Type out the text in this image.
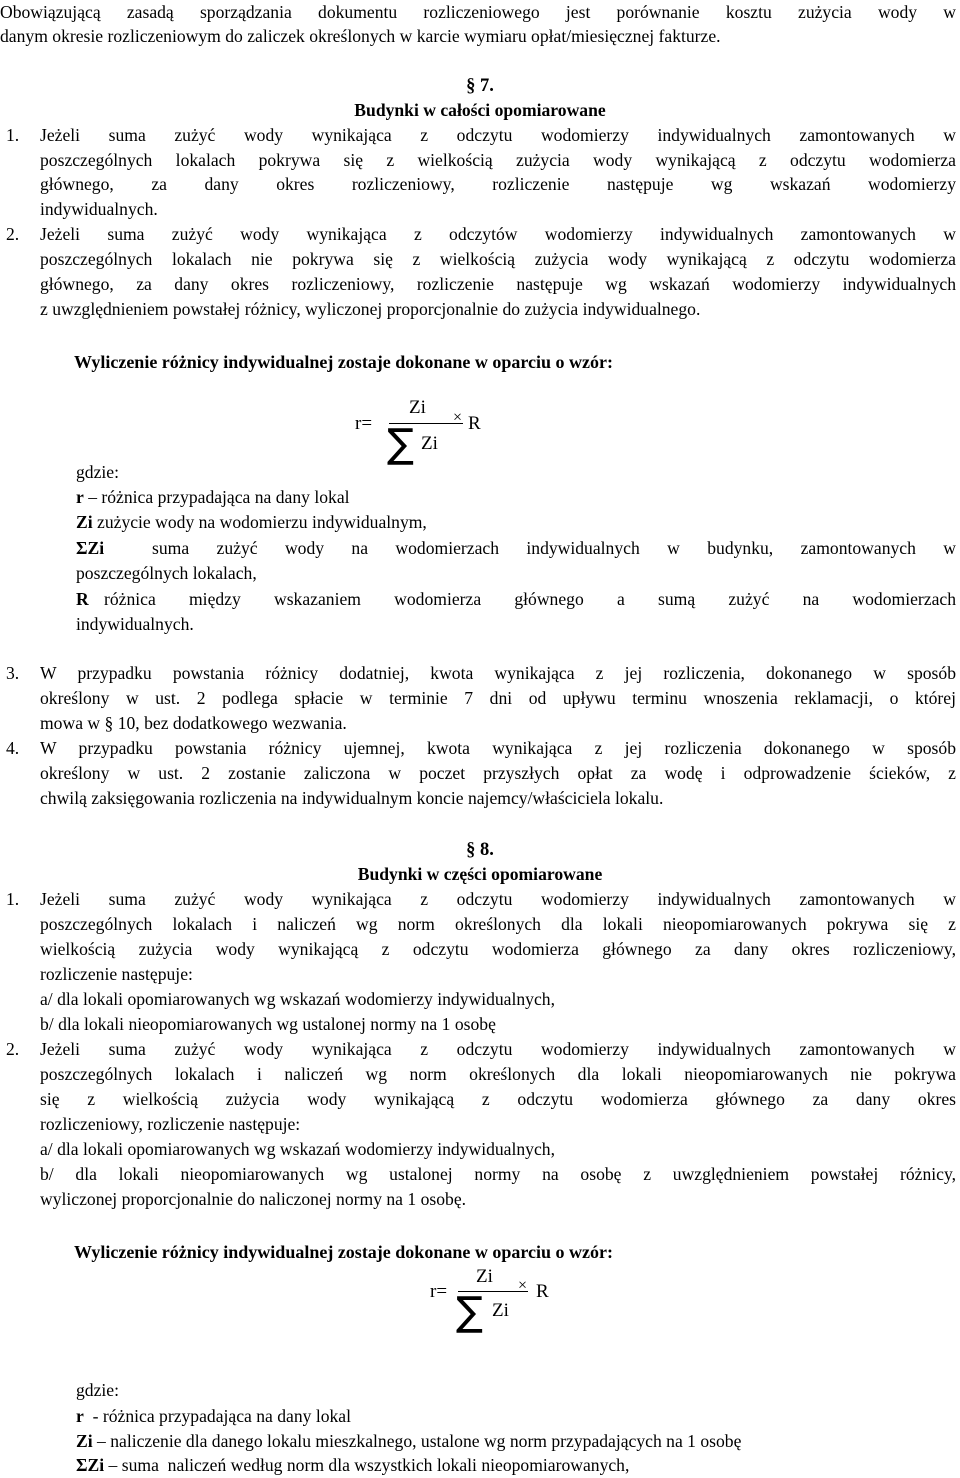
Obowiązującą zasadą sporządzania dokumentu rozliczeniowego jest porównanie kosztu zużycia wody w
danym okresie rozliczeniowym do zaliczek określonych w karcie wymiaru opłat/miesięcznej fakturze.
§ 7.
Budynki w całości opomiarowane
1. Jeżeli suma zużyć wody wynikająca z odczytu wodomierzy indywidualnych zamontowanych w
poszczególnych lokalach pokrywa się z wielkością zużycia wody wynikającą z odczytu wodomierza
głównego, za dany okres rozliczeniowy, rozliczenie następuje wg wskazań wodomierzy
indywidualnych.
2. Jeżeli suma zużyć wody wynikająca z odczytów wodomierzy indywidualnych zamontowanych w
poszczególnych lokalach nie pokrywa się z wielkością zużycia wody wynikającą z odczytu wodomierza
głównego, za dany okres rozliczeniowy, rozliczenie następuje wg wskazań wodomierzy indywidualnych
z uwzględnieniem powstałej różnicy, wyliczonej proporcjonalnie do zużycia indywidualnego.
Wyliczenie różnicy indywidualnej zostaje dokonane w oparciu o wzór:
r=
Zi ×
∑ Zi
R
gdzie:
r – różnica przypadająca na dany lokal
Zi zużycie wody na wodomierzu indywidualnym,
ΣZi	suma zużyć wody na wodomierzach indywidualnych w budynku, zamontowanych w
poszczególnych lokalach,
R różnica między wskazaniem wodomierza głównego a sumą zużyć na wodomierzach
indywidualnych.
3. W przypadku powstania różnicy dodatniej, kwota wynikająca z jej rozliczenia, dokonanego w sposób
określony w ust. 2 podlega spłacie w terminie 7 dni od upływu terminu wnoszenia reklamacji, o której
mowa w § 10, bez dodatkowego wezwania.
4. W przypadku powstania różnicy ujemnej, kwota wynikająca z jej rozliczenia dokonanego w sposób
określony w ust. 2 zostanie zaliczona w poczet przyszłych opłat za wodę i odprowadzenie ścieków, z
chwilą zaksięgowania rozliczenia na indywidualnym koncie najemcy/właściciela lokalu.
§ 8.
Budynki w części opomiarowane
1. Jeżeli suma zużyć wody wynikająca z odczytu wodomierzy indywidualnych zamontowanych w
poszczególnych lokalach i naliczeń wg norm określonych dla lokali nieopomiarowanych pokrywa się z
wielkością zużycia wody wynikającą z odczytu wodomierza głównego za dany okres rozliczeniowy,
rozliczenie następuje:
a/ dla lokali opomiarowanych wg wskazań wodomierzy indywidualnych,
b/ dla lokali nieopomiarowanych wg ustalonej normy na 1 osobę
2. Jeżeli suma zużyć wody wynikająca z odczytu wodomierzy indywidualnych zamontowanych w
poszczególnych lokalach i naliczeń wg norm określonych dla lokali nieopomiarowanych nie pokrywa
się z wielkością zużycia wody wynikającą z odczytu wodomierza głównego za dany okres
rozliczeniowy, rozliczenie następuje:
a/ dla lokali opomiarowanych wg wskazań wodomierzy indywidualnych,
b/ dla lokali nieopomiarowanych wg ustalonej normy na osobę z uwzględnieniem powstałej różnicy,
wyliczonej proporcjonalnie do naliczonej normy na 1 osobę.
Wyliczenie różnicy indywidualnej zostaje dokonane w oparciu o wzór:
r=
Zi ×
∑ Zi
R
gdzie:
r  - różnica przypadająca na dany lokal
Zi – naliczenie dla danego lokalu mieszkalnego, ustalone wg norm przypadających na 1 osobę
ΣZi – suma  naliczeń według norm dla wszystkich lokali nieopomiarowanych,
